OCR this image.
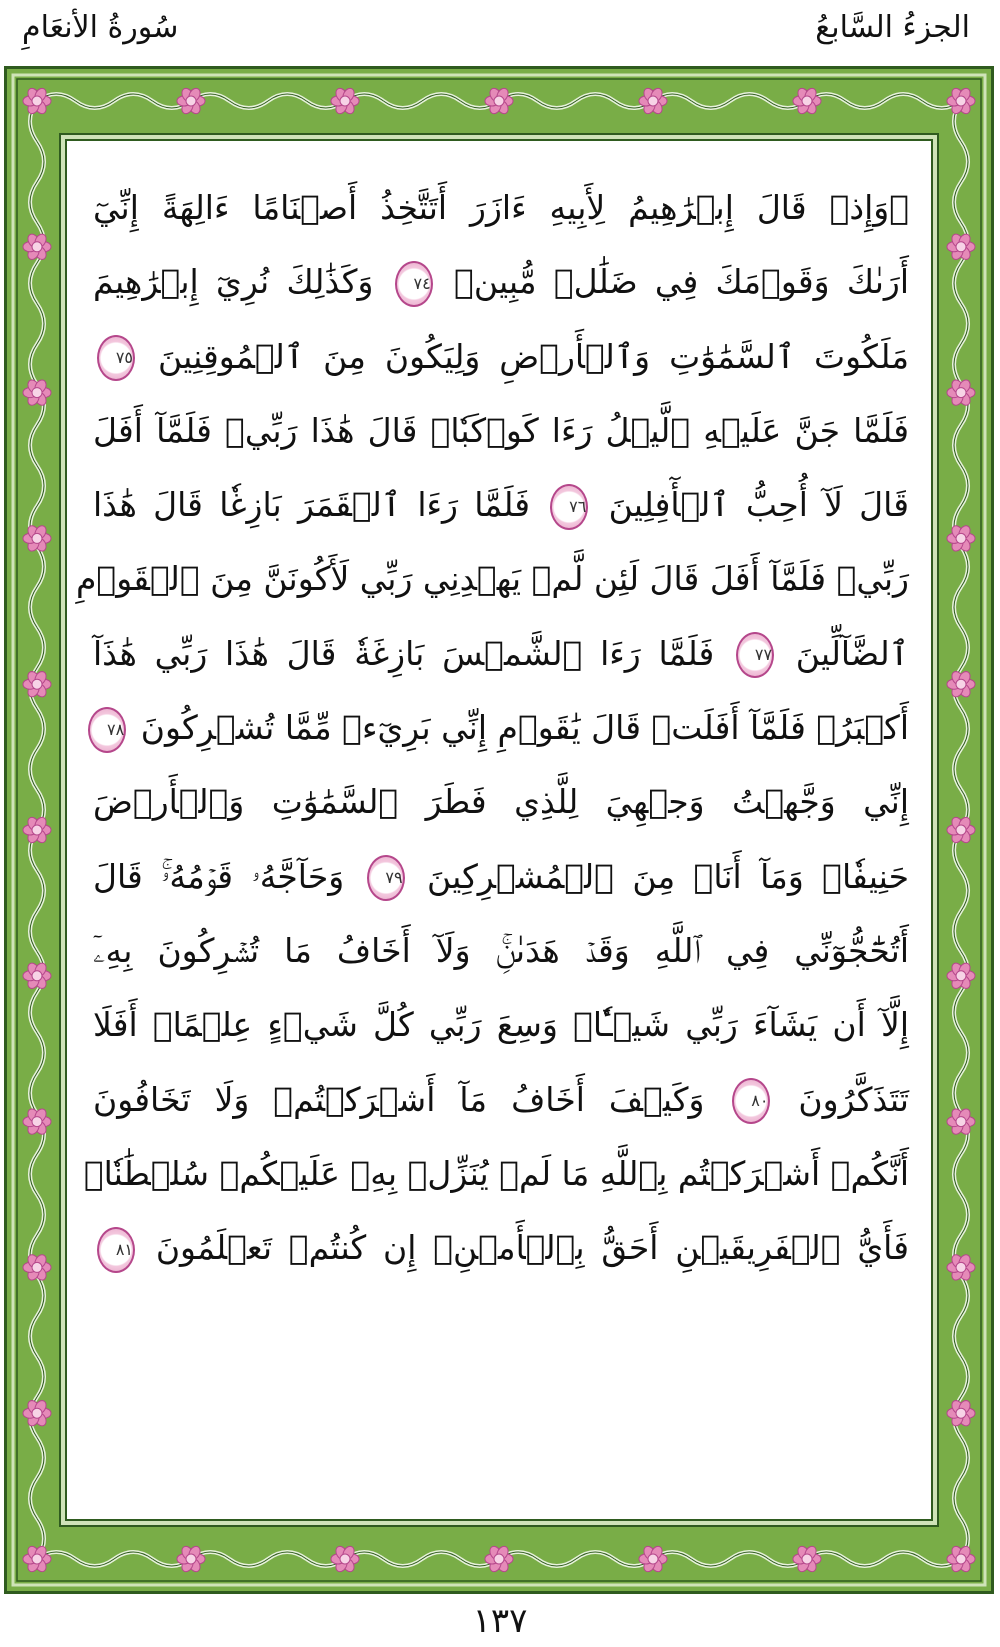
الجزءُ السَّابعُ
سُورةُ الأنعَامِ
۞وَإِذۡ قَالَ إِبۡرَٰهِيمُ لِأَبِيهِ ءَازَرَ أَتَتَّخِذُ أَصۡنَامًا ءَالِهَةً إِنِّيٓ
أَرَىٰكَ وَقَوۡمَكَ فِي ضَلَٰلٖ مُّبِينٖ ٧٤ وَكَذَٰلِكَ نُرِيٓ إِبۡرَٰهِيمَ
مَلَكُوتَ ٱلسَّمَٰوَٰتِ وَٱلۡأَرۡضِ وَلِيَكُونَ مِنَ ٱلۡمُوقِنِينَ ٧٥
فَلَمَّا جَنَّ عَلَيۡهِ ٱلَّيۡلُ رَءَا كَوۡكَبٗاۖ قَالَ هَٰذَا رَبِّيۖ فَلَمَّآ أَفَلَ
قَالَ لَآ أُحِبُّ ٱلۡأٓفِلِينَ ٧٦ فَلَمَّا رَءَا ٱلۡقَمَرَ بَازِغٗا قَالَ هَٰذَا
رَبِّيۖ فَلَمَّآ أَفَلَ قَالَ لَئِن لَّمۡ يَهۡدِنِي رَبِّي لَأَكُونَنَّ مِنَ ٱلۡقَوۡمِ
ٱلضَّآلِّينَ ٧٧ فَلَمَّا رَءَا ٱلشَّمۡسَ بَازِغَةٗ قَالَ هَٰذَا رَبِّي هَٰذَآ
أَكۡبَرُۖ فَلَمَّآ أَفَلَتۡ قَالَ يَٰقَوۡمِ إِنِّي بَرِيٓءٞ مِّمَّا تُشۡرِكُونَ ٧٨
إِنِّي وَجَّهۡتُ وَجۡهِيَ لِلَّذِي فَطَرَ ٱلسَّمَٰوَٰتِ وَٱلۡأَرۡضَ
حَنِيفٗاۖ وَمَآ أَنَا۠ مِنَ ٱلۡمُشۡرِكِينَ ٧٩ وَحَآجَّهُۥ قَوۡمُهُۥۚ قَالَ
أَتُحَٰٓجُّوٓنِّي فِي ٱللَّهِ وَقَدۡ هَدَىٰنِۚ وَلَآ أَخَافُ مَا تُشۡرِكُونَ بِهِۦٓ
إِلَّآ أَن يَشَآءَ رَبِّي شَيۡـٔٗاۚ وَسِعَ رَبِّي كُلَّ شَيۡءٍ عِلۡمًاۚ أَفَلَا
تَتَذَكَّرُونَ ٨٠ وَكَيۡفَ أَخَافُ مَآ أَشۡرَكۡتُمۡ وَلَا تَخَافُونَ
أَنَّكُمۡ أَشۡرَكۡتُم بِٱللَّهِ مَا لَمۡ يُنَزِّلۡ بِهِۦ عَلَيۡكُمۡ سُلۡطَٰنٗاۚ
فَأَيُّ ٱلۡفَرِيقَيۡنِ أَحَقُّ بِٱلۡأَمۡنِۖ إِن كُنتُمۡ تَعۡلَمُونَ ٨١
١٣٧
